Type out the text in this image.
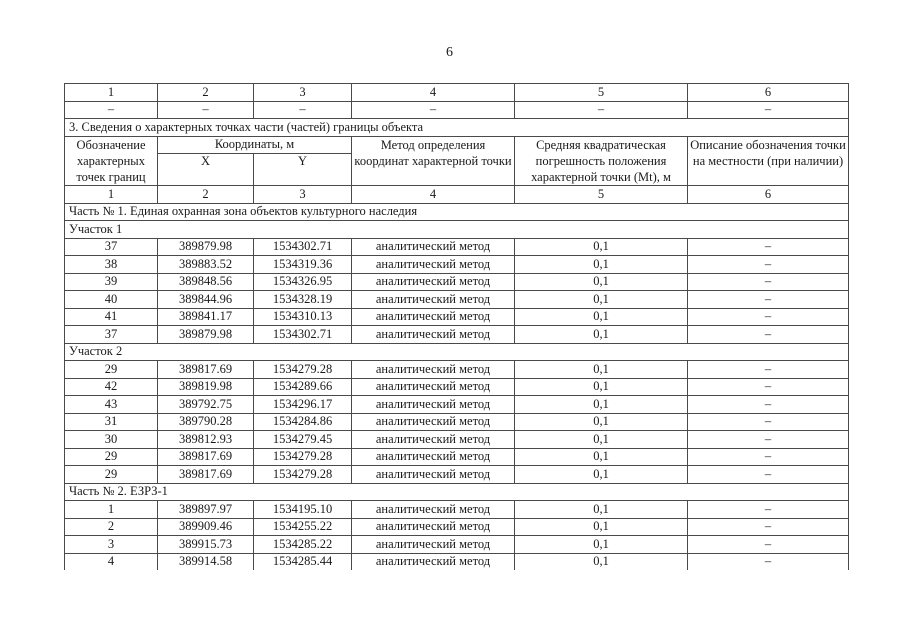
6
1	2	3	4	5	6
–	–	–	–	–	–
3. Сведения о характерных точках части (частей) границы объекта					
Обозначение характерных точек границ	Координаты, м		Метод определения координат характерной точки	Средняя квадратическая погрешность положения характерной точки (Mt), м	Описание обозначения точки на местности (при наличии)
	X	Y			
1	2	3	4	5	6
Часть № 1. Единая охранная зона объектов культурного наследия					
Участок 1					
37	389879.98	1534302.71	аналитический метод	0,1	–
38	389883.52	1534319.36	аналитический метод	0,1	–
39	389848.56	1534326.95	аналитический метод	0,1	–
40	389844.96	1534328.19	аналитический метод	0,1	–
41	389841.17	1534310.13	аналитический метод	0,1	–
37	389879.98	1534302.71	аналитический метод	0,1	–
Участок 2					
29	389817.69	1534279.28	аналитический метод	0,1	–
42	389819.98	1534289.66	аналитический метод	0,1	–
43	389792.75	1534296.17	аналитический метод	0,1	–
31	389790.28	1534284.86	аналитический метод	0,1	–
30	389812.93	1534279.45	аналитический метод	0,1	–
29	389817.69	1534279.28	аналитический метод	0,1	–
29	389817.69	1534279.28	аналитический метод	0,1	–
Часть № 2. ЕЗРЗ-1					
1	389897.97	1534195.10	аналитический метод	0,1	–
2	389909.46	1534255.22	аналитический метод	0,1	–
3	389915.73	1534285.22	аналитический метод	0,1	–
4	389914.58	1534285.44	аналитический метод	0,1	–
